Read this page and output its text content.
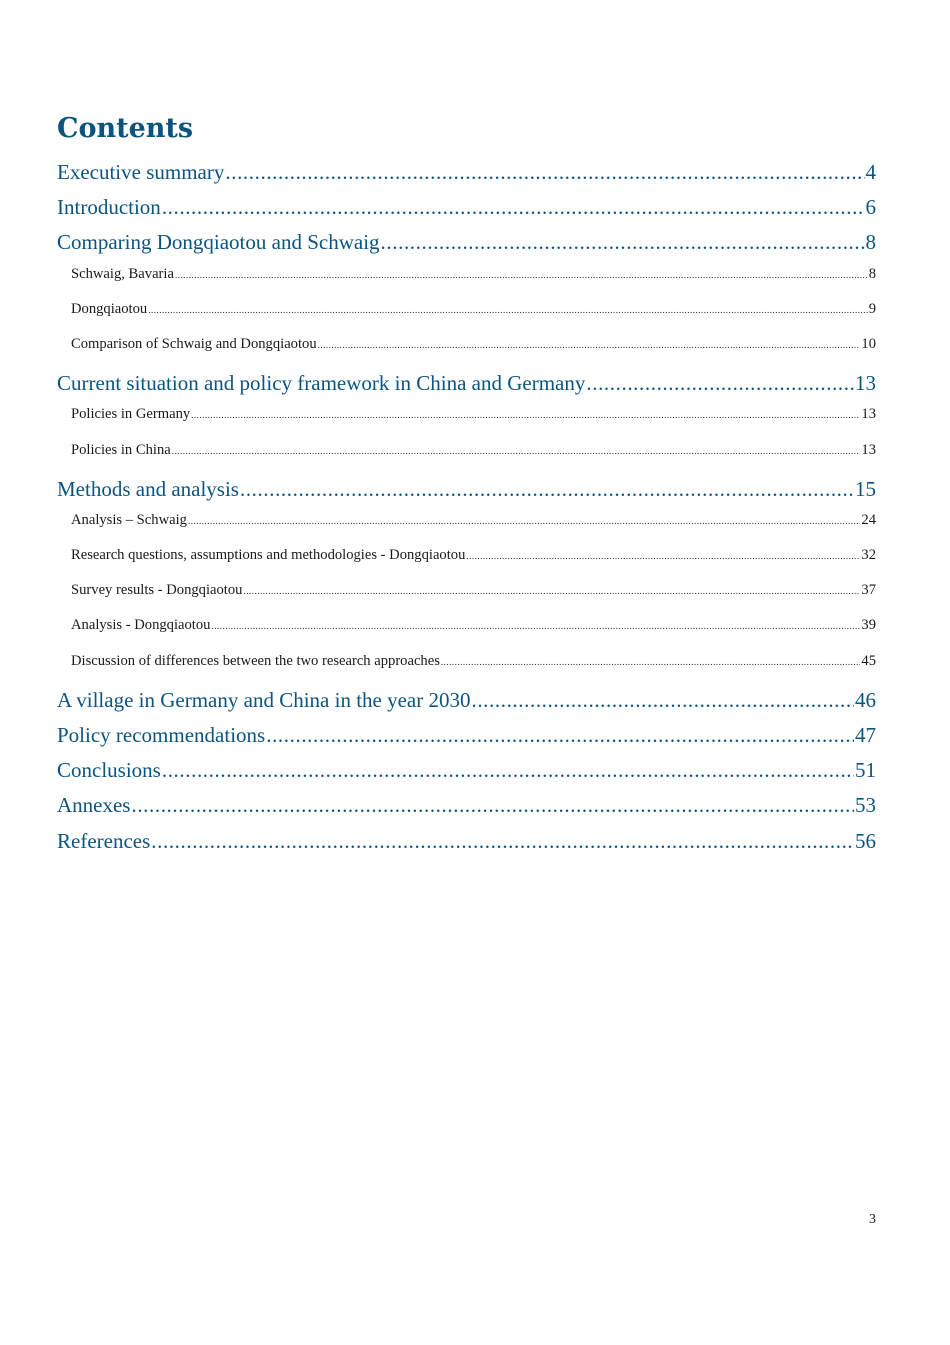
Contents
Executive summary .....	4
Introduction .....	6
Comparing Dongqiaotou and Schwaig .....	8
Schwaig, Bavaria .....	8
Dongqiaotou .....	9
Comparison of Schwaig and Dongqiaotou .....	10
Current situation and policy framework in China and Germany .....	13
Policies in Germany .....	13
Policies in China .....	13
Methods and analysis .....	15
Analysis – Schwaig .....	24
Research questions, assumptions and methodologies - Dongqiaotou .....	32
Survey results - Dongqiaotou .....	37
Analysis - Dongqiaotou .....	39
Discussion of differences between the two research approaches .....	45
A village in Germany and China in the year 2030 .....	46
Policy recommendations .....	47
Conclusions .....	51
Annexes .....	53
References .....	56
3
